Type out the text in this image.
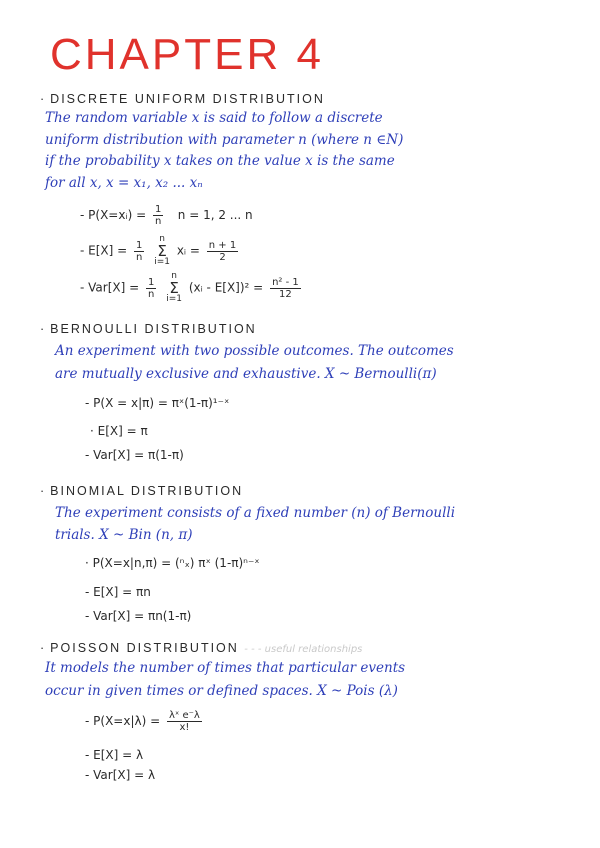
CHAPTER 4
· DISCRETE UNIFORM DISTRIBUTION
The random variable x is said to follow a discrete
uniform distribution with parameter n (where n ∈N)
if the probability x takes on the value x is the same
for all x, x = x₁, x₂ ... xₙ
- P(X=xᵢ) = $\frac{1}{n}$ n = 1, 2 ... n
- $E[X] = \frac{1}{n}$
n
Σ
i=1 xᵢ = $\frac{n + 1}{2}$
- $Var[X] = \frac{1}{n}$
n
Σ
i=1 (xᵢ - $E[X])^2 = \frac{\text{n² - 1}}{12}$
· BERNOULLI DISTRIBUTION
An experiment with two possible outcomes. The outcomes
are mutually exclusive and exhaustive. X ~ Bernoulli(π)
- P(X = x|π) = πˣ(1-π)¹⁻ˣ
· E[X] = π
- Var[X] = π(1-π)
· BINOMIAL DISTRIBUTION
The experiment consists of a fixed number (n) of Bernoulli
trials. X ~ Bin (n, π)
· P(X=x|n,π) = (ⁿₓ) πˣ (1-π)ⁿ⁻ˣ
- E[X] = πn
- Var[X] = πn(1-π)
· POISSON DISTRIBUTION - - - useful relationships
It models the number of times that particular events
occur in given times or defined spaces. X ~ Pois (λ)
- $P(X=x|\lambda) = \frac{\text{λˣ e⁻λ}}{x!}$
- E[X] = λ
- Var[X] = λ
